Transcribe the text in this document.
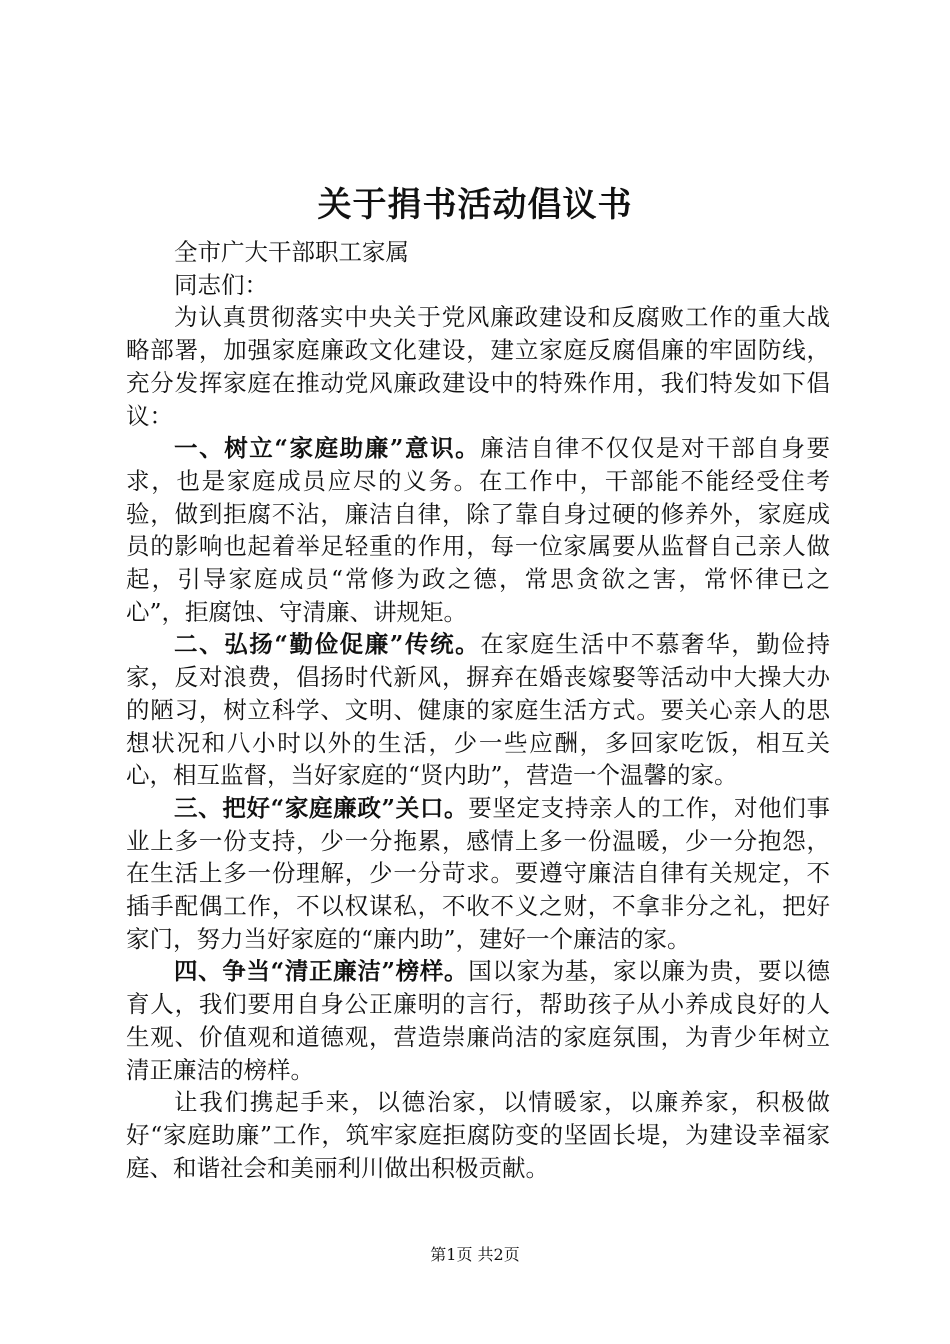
关于捐书活动倡议书

全市广大干部职工家属

同志们：

为认真贯彻落实中央关于党风廉政建设和反腐败工作的重大战略部署，加强家庭廉政文化建设，建立家庭反腐倡廉的牢固防线，充分发挥家庭在推动党风廉政建设中的特殊作用，我们特发如下倡议：

一、树立“家庭助廉”意识。廉洁自律不仅仅是对干部自身要求，也是家庭成员应尽的义务。在工作中，干部能不能经受住考验，做到拒腐不沾，廉洁自律，除了靠自身过硬的修养外，家庭成员的影响也起着举足轻重的作用，每一位家属要从监督自己亲人做起，引导家庭成员“常修为政之德，常思贪欲之害，常怀律已之心”，拒腐蚀、守清廉、讲规矩。

二、弘扬“勤俭促廉”传统。在家庭生活中不慕奢华，勤俭持家，反对浪费，倡扬时代新风，摒弃在婚丧嫁娶等活动中大操大办的陋习，树立科学、文明、健康的家庭生活方式。要关心亲人的思想状况和八小时以外的生活，少一些应酬，多回家吃饭，相互关心，相互监督，当好家庭的“贤内助”，营造一个温馨的家。

三、把好“家庭廉政”关口。要坚定支持亲人的工作，对他们事业上多一份支持，少一分拖累，感情上多一份温暖，少一分抱怨，在生活上多一份理解，少一分苛求。要遵守廉洁自律有关规定，不插手配偶工作，不以权谋私，不收不义之财，不拿非分之礼，把好家门，努力当好家庭的“廉内助”，建好一个廉洁的家。

四、争当“清正廉洁”榜样。国以家为基，家以廉为贵，要以德育人，我们要用自身公正廉明的言行，帮助孩子从小养成良好的人生观、价值观和道德观，营造崇廉尚洁的家庭氛围，为青少年树立清正廉洁的榜样。

让我们携起手来，以德治家，以情暖家，以廉养家，积极做好“家庭助廉”工作，筑牢家庭拒腐防变的坚固长堤，为建设幸福家庭、和谐社会和美丽利川做出积极贡献。

第1页 共2页
